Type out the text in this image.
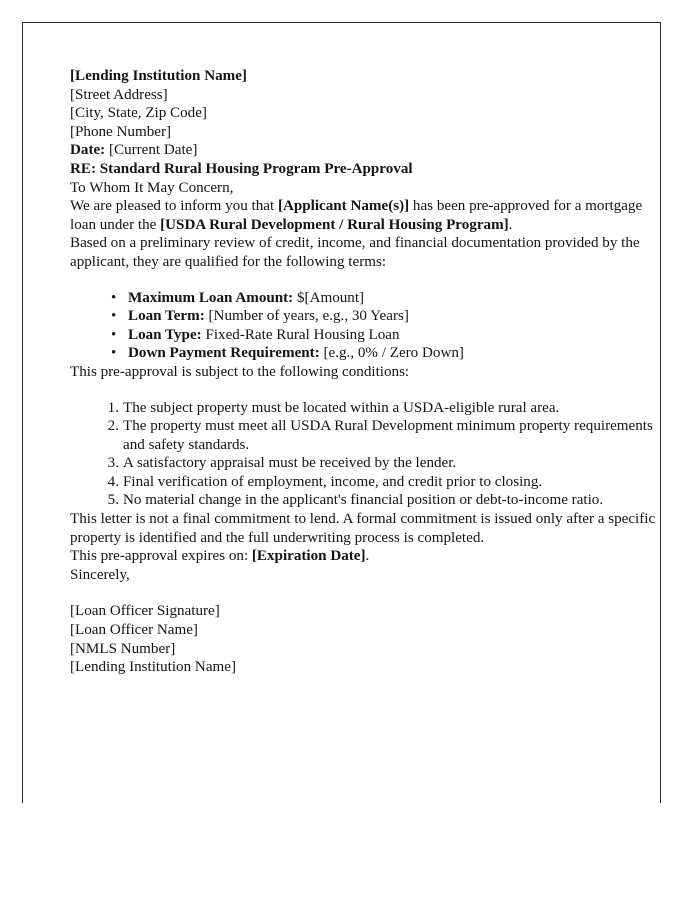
[Lending Institution Name]
[Street Address]
[City, State, Zip Code]
[Phone Number]

Date: [Current Date]

RE: Standard Rural Housing Program Pre-Approval

To Whom It May Concern,

We are pleased to inform you that [Applicant Name(s)] has been pre-approved for a mortgage loan under the [USDA Rural Development / Rural Housing Program].

Based on a preliminary review of credit, income, and financial documentation provided by the applicant, they are qualified for the following terms:

• Maximum Loan Amount: $[Amount]
• Loan Term: [Number of years, e.g., 30 Years]
• Loan Type: Fixed-Rate Rural Housing Loan
• Down Payment Requirement: [e.g., 0% / Zero Down]

This pre-approval is subject to the following conditions:

The subject property must be located within a USDA-eligible rural area.
The property must meet all USDA Rural Development minimum property requirements and safety standards.
A satisfactory appraisal must be received by the lender.
Final verification of employment, income, and credit prior to closing.
No material change in the applicant's financial position or debt-to-income ratio.

This letter is not a final commitment to lend. A formal commitment is issued only after a specific property is identified and the full underwriting process is completed.

This pre-approval expires on: [Expiration Date].

Sincerely,

[Loan Officer Signature]
[Loan Officer Name]
[NMLS Number]
[Lending Institution Name]
